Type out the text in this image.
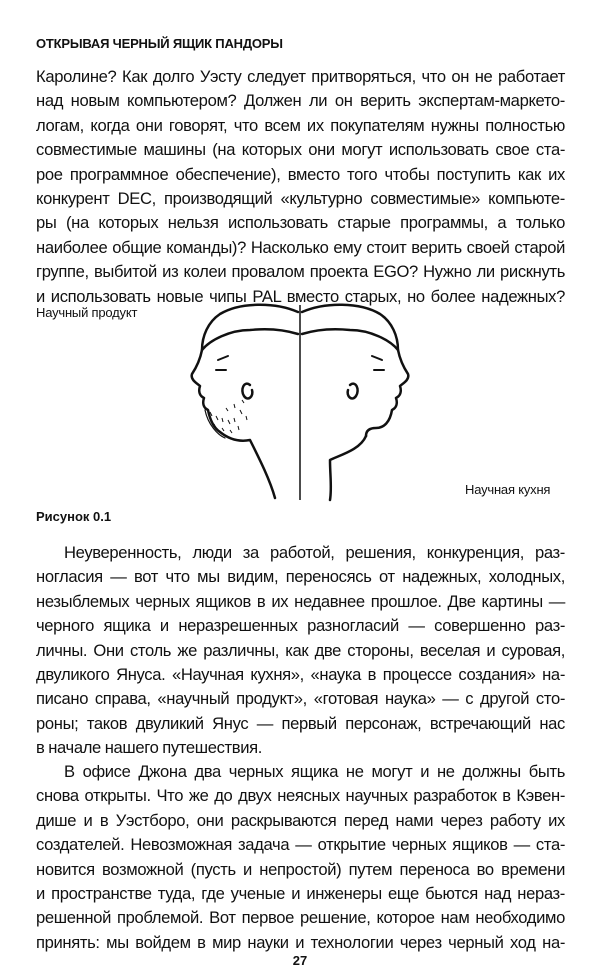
ОТКРЫВАЯ ЧЕРНЫЙ ЯЩИК ПАНДОРЫ
Каролине? Как долго Уэсту следует притворяться, что он не работает
над новым компьютером? Должен ли он верить экспертам-маркето-
логам, когда они говорят, что всем их покупателям нужны полностью
совместимые машины (на которых они могут использовать свое ста-
рое программное обеспечение), вместо того чтобы поступить как их
конкурент DEC, производящий «культурно совместимые» компьюте-
ры (на которых нельзя использовать старые программы, а только
наиболее общие команды)? Насколько ему стоит верить своей старой
группе, выбитой из колеи провалом проекта EGO? Нужно ли рискнуть
и использовать новые чипы PAL вместо старых, но более надежных?
Научный продукт
Научная кухня
Рисунок 0.1
Неуверенность, люди за работой, решения, конкуренция, раз-
ногласия — вот что мы видим, переносясь от надежных, холодных,
незыблемых черных ящиков в их недавнее прошлое. Две картины —
черного ящика и неразрешенных разногласий — совершенно раз-
личны. Они столь же различны, как две стороны, веселая и суровая,
двуликого Януса. «Научная кухня», «наука в процессе создания» на-
писано справа, «научный продукт», «готовая наука» — с другой сто-
роны; таков двуликий Янус — первый персонаж, встречающий нас
в начале нашего путешествия.
В офисе Джона два черных ящика не могут и не должны быть
снова открыты. Что же до двух неясных научных разработок в Кэвен-
дише и в Уэстборо, они раскрываются перед нами через работу их
создателей. Невозможная задача — открытие черных ящиков — ста-
новится возможной (пусть и непростой) путем переноса во времени
и пространстве туда, где ученые и инженеры еще бьются над нераз-
решенной проблемой. Вот первое решение, которое нам необходимо
принять: мы войдем в мир науки и технологии через черный ход на-
27
